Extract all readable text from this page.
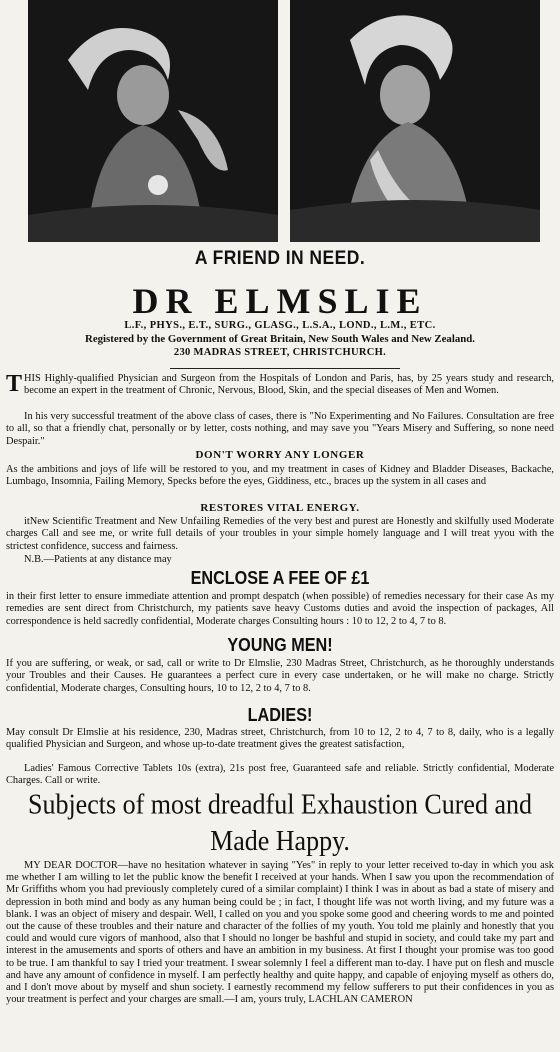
A FRIEND IN NEED.
DR ELMSLIE
L.F., PHYS., E.T., SURG., GLASG., L.S.A., LOND., L.M., ETC.
Registered by the Government of Great Britain, New South Wales and New Zealand.
230 MADRAS STREET, CHRISTCHURCH.
THIS Highly-qualified Physician and Surgeon from the Hospitals of London and Paris, has, by 25 years study and research, become an expert in the treatment of Chronic, Nervous, Blood, Skin, and the special diseases of Men and Women.
In his very successful treatment of the above class of cases, there is "No Experimenting and No Failures. Consultation are free to all, so that a friendly chat, personally or by letter, costs nothing, and may save you "Years Misery and Suffering, so none need Despair."
DON'T WORRY ANY LONGER
As the ambitions and joys of life will be restored to you, and my treatment in cases of Kidney and Bladder Diseases, Backache, Lumbago, Insomnia, Failing Memory, Specks before the eyes, Giddiness, etc., braces up the system in all cases and
RESTORES VITAL ENERGY.
itNew Scientific Treatment and New Unfailing Remedies of the very best and purest are Honestly and skilfully used Moderate charges Call and see me, or write full details of your troubles in your simple homely language and I will treat yyou with the strictest confidence, success and fairness.
N.B.—Patients at any distance may
ENCLOSE A FEE OF £1
in their first letter to ensure immediate attention and prompt despatch (when possible) of remedies necessary for their case As my remedies are sent direct from Christchurch, my patients save heavy Customs duties and avoid the inspection of packages, All correspondence is held sacredly confidential, Moderate charges Consulting hours : 10 to 12, 2 to 4, 7 to 8.
YOUNG MEN!
If you are suffering, or weak, or sad, call or write to Dr Elmslie, 230 Madras Street, Christchurch, as he thoroughly understands your Troubles and their Causes. He guarantees a perfect cure in every case undertaken, or he will make no charge. Strictly confidential, Moderate charges, Consulting hours, 10 to 12, 2 to 4, 7 to 8.
LADIES!
May consult Dr Elmslie at his residence, 230, Madras street, Christchurch, from 10 to 12, 2 to 4, 7 to 8, daily, who is a legally qualified Physician and Surgeon, and whose up-to-date treatment gives the greatest satisfaction,
Ladies' Famous Corrective Tablets 10s (extra), 21s post free, Guaranteed safe and reliable. Strictly confidential, Moderate Charges. Call or write.
Subjects of most dreadful Exhaustion Cured and Made Happy.
MY DEAR DOCTOR—have no hesitation whatever in saying "Yes" in reply to your letter received to-day in which you ask me whether I am willing to let the public know the benefit I received at your hands. When I saw you upon the recommendation of Mr Griffiths whom you had previously completely cured of a similar complaint) I think I was in about as bad a state of misery and depression in both mind and body as any human being could be ; in fact, I thought life was not worth living, and my future was a blank. I was an object of misery and despair. Well, I called on you and you spoke some good and cheering words to me and pointed out the cause of these troubles and their nature and character of the follies of my youth. You told me plainly and honestly that you could and would cure vigors of manhood, also that I should no longer be bashful and stupid in society, and could take my part and interest in the amusements and sports of others and have an ambition in my business. At first I thought your promise was too good to be true. I am thankful to say I tried your treatment. I swear solemnly I feel a different man to-day. I have put on flesh and muscle and have any amount of confidence in myself. I am perfectly healthy and quite happy, and capable of enjoying myself as others do, and I don't move about by myself and shun society. I earnestly recommend my fellow sufferers to put their confidences in you as your treatment is perfect and your charges are small.—I am, yours truly, LACHLAN CAMERON
